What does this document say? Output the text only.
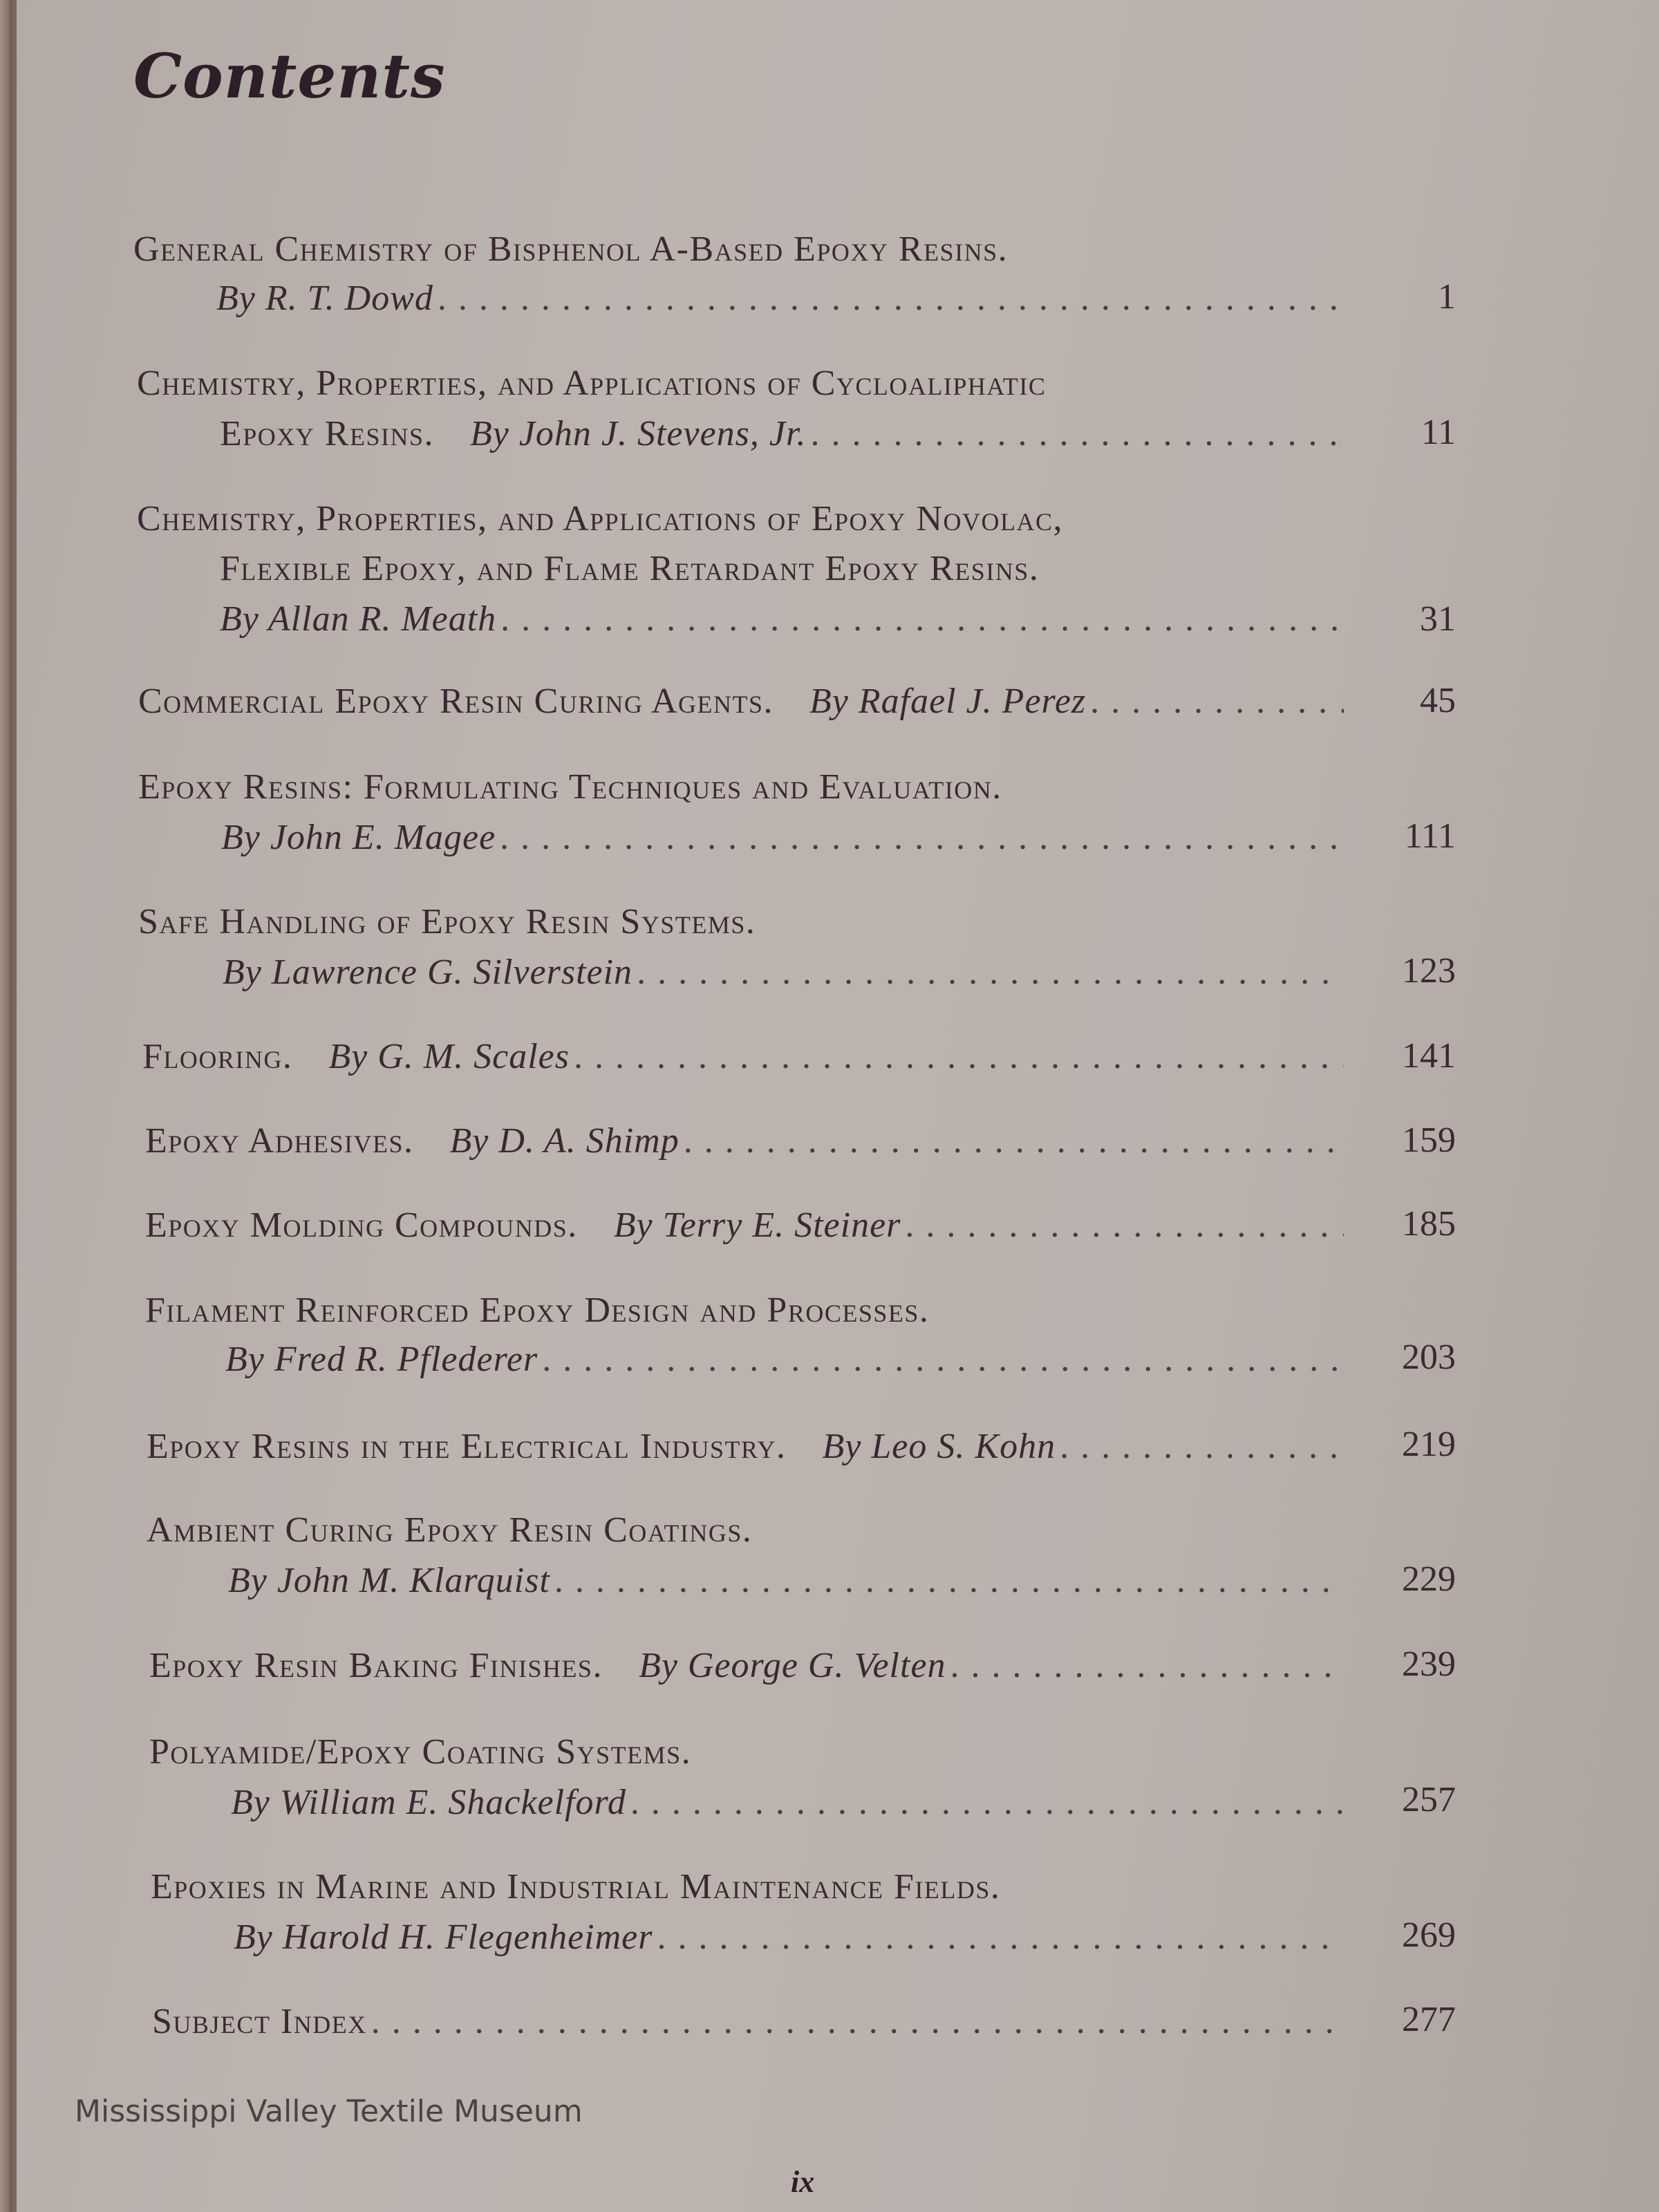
Contents
General Chemistry of Bisphenol A-Based Epoxy Resins.
By R. T. Dowd . . .	1
Chemistry, Properties, and Applications of Cycloaliphatic
Epoxy Resins. By John J. Stevens, Jr. . . .	11
Chemistry, Properties, and Applications of Epoxy Novolac,
Flexible Epoxy, and Flame Retardant Epoxy Resins.
By Allan R. Meath . . .	31
Commercial Epoxy Resin Curing Agents. By Rafael J. Perez . . .	45
Epoxy Resins: Formulating Techniques and Evaluation.
By John E. Magee . . .	111
Safe Handling of Epoxy Resin Systems.
By Lawrence G. Silverstein . . .	123
Flooring. By G. M. Scales . . .	141
Epoxy Adhesives. By D. A. Shimp . . .	159
Epoxy Molding Compounds. By Terry E. Steiner . . .	185
Filament Reinforced Epoxy Design and Processes.
By Fred R. Pflederer . . .	203
Epoxy Resins in the Electrical Industry. By Leo S. Kohn . . .	219
Ambient Curing Epoxy Resin Coatings.
By John M. Klarquist . . .	229
Epoxy Resin Baking Finishes. By George G. Velten . . .	239
Polyamide/Epoxy Coating Systems.
By William E. Shackelford . . .	257
Epoxies in Marine and Industrial Maintenance Fields.
By Harold H. Flegenheimer . . .	269
Subject Index . . .	277
Mississippi Valley Textile Museum
ix
